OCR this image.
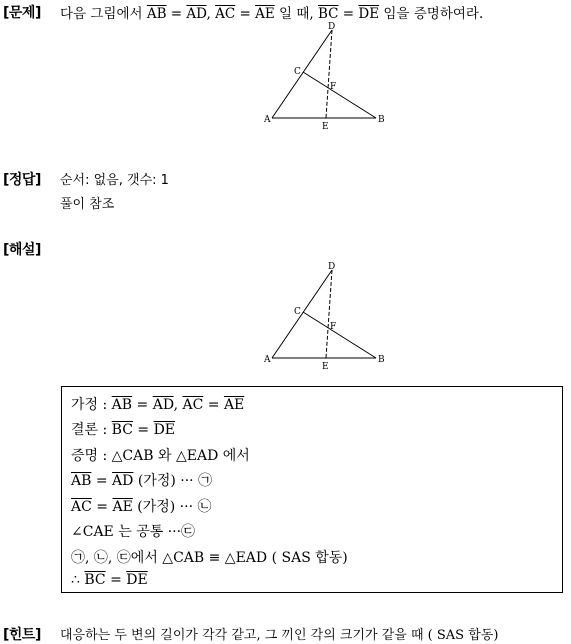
[문제] 다음 그림에서 $\overline{AB} = \overline{AD}$, $\overline{AC} = \overline{AE}$ 일 때, $\overline{BC} = \overline{DE}$ 임을 증명하여라.
A	B
C
D
E
F
[정답] 순서: 없음, 갯수: 1
풀이 참조
[해설]
A	B
C
D
E
F
가정 : $\overline{AB} = \overline{AD}$, $\overline{AC} = \overline{AE}$
결론 : $\overline{BC} = \overline{DE}$
증명 : △CAB 와 △EAD 에서
$\overline{AB} = \overline{AD}$ (가정) ··· ㉠
$\overline{AC} = \overline{AE}$ (가정) ··· ㉡
∠CAE 는 공통 ···㉢
㉠, ㉡, ㉢에서 △CAB ≡ △EAD ( SAS 합동)
∴ $\overline{BC} = \overline{DE}$
[힌트] 대응하는 두 변의 길이가 각각 같고, 그 끼인 각의 크기가 같을 때 ( SAS 합동)
